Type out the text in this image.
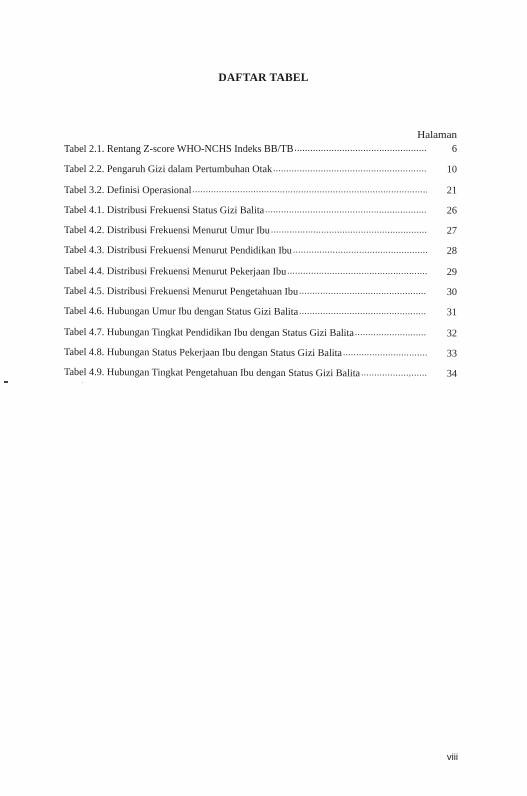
DAFTAR TABEL
Halaman
Tabel 2.1. Rentang Z-score WHO-NCHS Indeks BB/TB .....	6
Tabel 2.2. Pengaruh Gizi dalam Pertumbuhan Otak .....	10
Tabel 3.2. Definisi Operasional .....	21
Tabel 4.1. Distribusi Frekuensi Status Gizi Balita .....	26
Tabel 4.2. Distribusi Frekuensi Menurut Umur Ibu .....	27
Tabel 4.3. Distribusi Frekuensi Menurut Pendidikan Ibu .....	28
Tabel 4.4. Distribusi Frekuensi Menurut Pekerjaan Ibu .....	29
Tabel 4.5. Distribusi Frekuensi Menurut Pengetahuan Ibu .....	30
Tabel 4.6. Hubungan Umur Ibu dengan Status Gizi Balita .....	31
Tabel 4.7. Hubungan Tingkat Pendidikan Ibu dengan Status Gizi Balita .....	32
Tabel 4.8. Hubungan Status Pekerjaan Ibu dengan Status Gizi Balita .....	33
Tabel 4.9. Hubungan Tingkat Pengetahuan Ibu dengan Status Gizi Balita .....	34
viii
